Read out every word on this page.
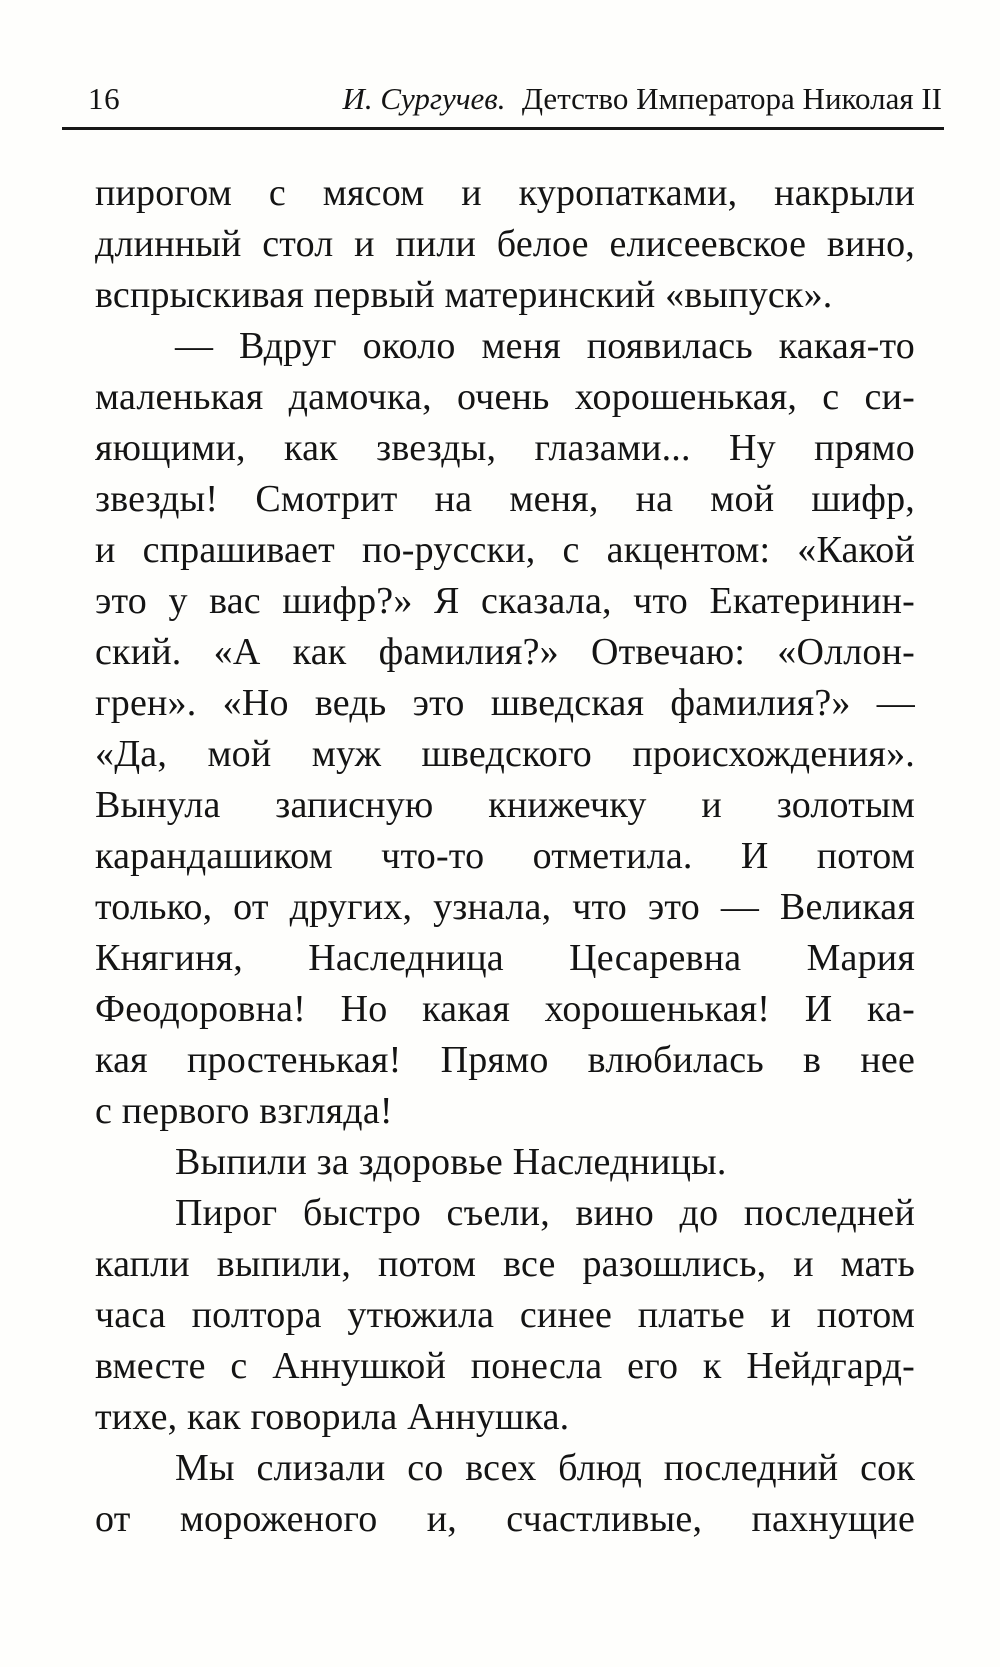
16	И. Сургучев. Детство Императора Николая II
пирогом с мясом и куропатками, накрыли
длинный стол и пили белое елисеевское вино,
вспрыскивая первый материнский «выпуск».
— Вдруг около меня появилась какая-то
маленькая дамочка, очень хорошенькая, с си-
яющими, как звезды, глазами... Ну прямо
звезды! Смотрит на меня, на мой шифр,
и спрашивает по-русски, с акцентом: «Какой
это у вас шифр?» Я сказала, что Екатеринин-
ский. «А как фамилия?» Отвечаю: «Оллон-
грен». «Но ведь это шведская фамилия?» —
«Да, мой муж шведского происхождения».
Вынула записную книжечку и золотым
карандашиком что-то отметила. И потом
только, от других, узнала, что это — Великая
Княгиня, Наследница Цесаревна Мария
Феодоровна! Но какая хорошенькая! И ка-
кая простенькая! Прямо влюбилась в нее
с первого взгляда!
Выпили за здоровье Наследницы.
Пирог быстро съели, вино до последней
капли выпили, потом все разошлись, и мать
часа полтора утюжила синее платье и потом
вместе с Аннушкой понесла его к Нейдгард-
тихе, как говорила Аннушка.
Мы слизали со всех блюд последний сок
от мороженого и, счастливые, пахнущие
